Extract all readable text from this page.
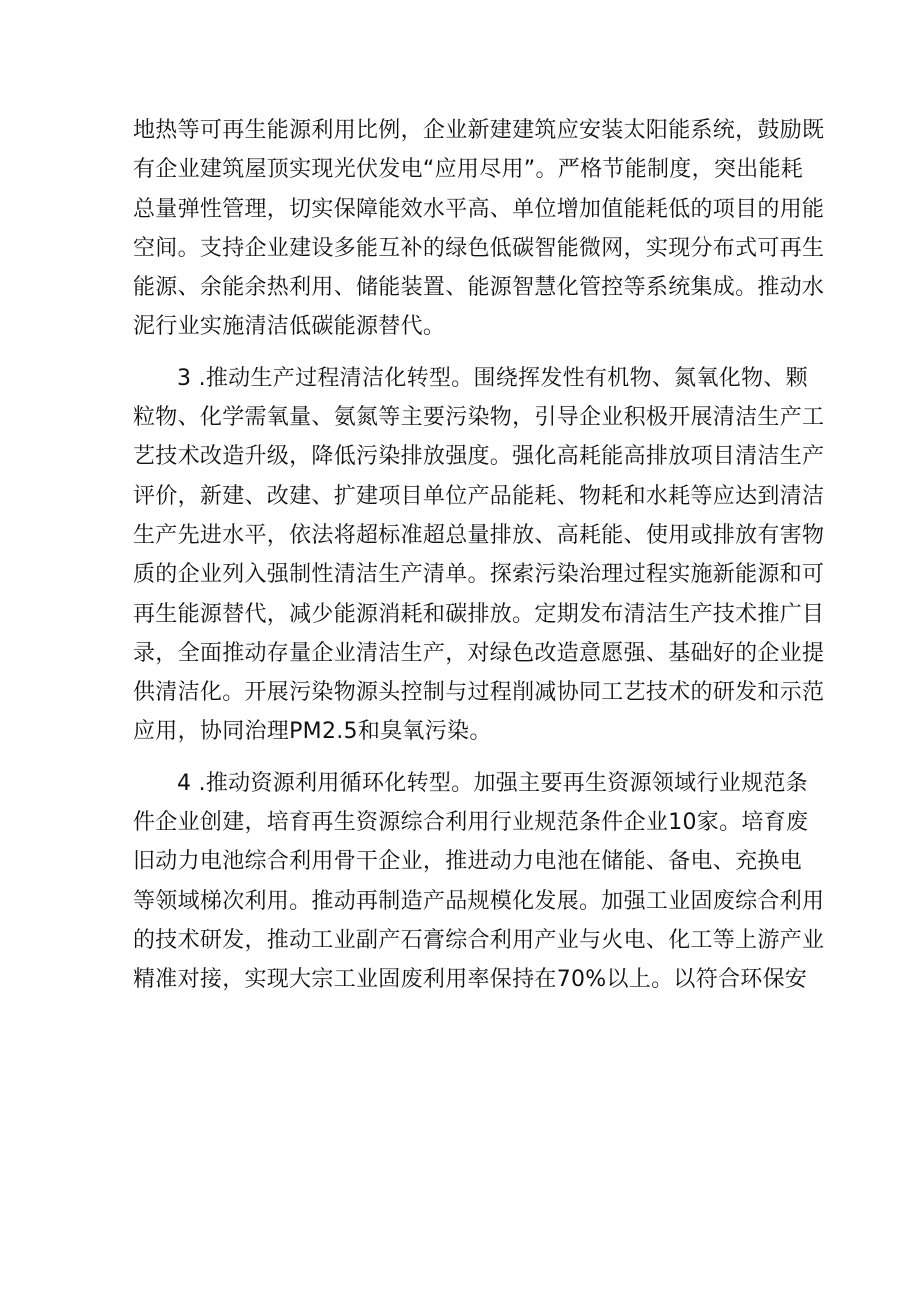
地热等可再生能源利用比例，企业新建建筑应安装太阳能系统，鼓励既

有企业建筑屋顶实现光伏发电“应用尽用”。严格节能制度，突出能耗

总量弹性管理，切实保障能效水平高、单位增加值能耗低的项目的用能

空间。支持企业建设多能互补的绿色低碳智能微网，实现分布式可再生

能源、余能余热利用、储能装置、能源智慧化管控等系统集成。推动水

泥行业实施清洁低碳能源替代。

3 .推动生产过程清洁化转型。围绕挥发性有机物、氮氧化物、颗

粒物、化学需氧量、氨氮等主要污染物，引导企业积极开展清洁生产工

艺技术改造升级，降低污染排放强度。强化高耗能高排放项目清洁生产

评价，新建、改建、扩建项目单位产品能耗、物耗和水耗等应达到清洁

生产先进水平，依法将超标准超总量排放、高耗能、使用或排放有害物

质的企业列入强制性清洁生产清单。探索污染治理过程实施新能源和可

再生能源替代，减少能源消耗和碳排放。定期发布清洁生产技术推广目

录，全面推动存量企业清洁生产，对绿色改造意愿强、基础好的企业提

供清洁化。开展污染物源头控制与过程削减协同工艺技术的研发和示范

应用，协同治理PM2.5和臭氧污染。

4 .推动资源利用循环化转型。加强主要再生资源领域行业规范条

件企业创建，培育再生资源综合利用行业规范条件企业10家。培育废

旧动力电池综合利用骨干企业，推进动力电池在储能、备电、充换电

等领域梯次利用。推动再制造产品规模化发展。加强工业固废综合利用

的技术研发，推动工业副产石膏综合利用产业与火电、化工等上游产业

精准对接，实现大宗工业固废利用率保持在70%以上。以符合环保安
